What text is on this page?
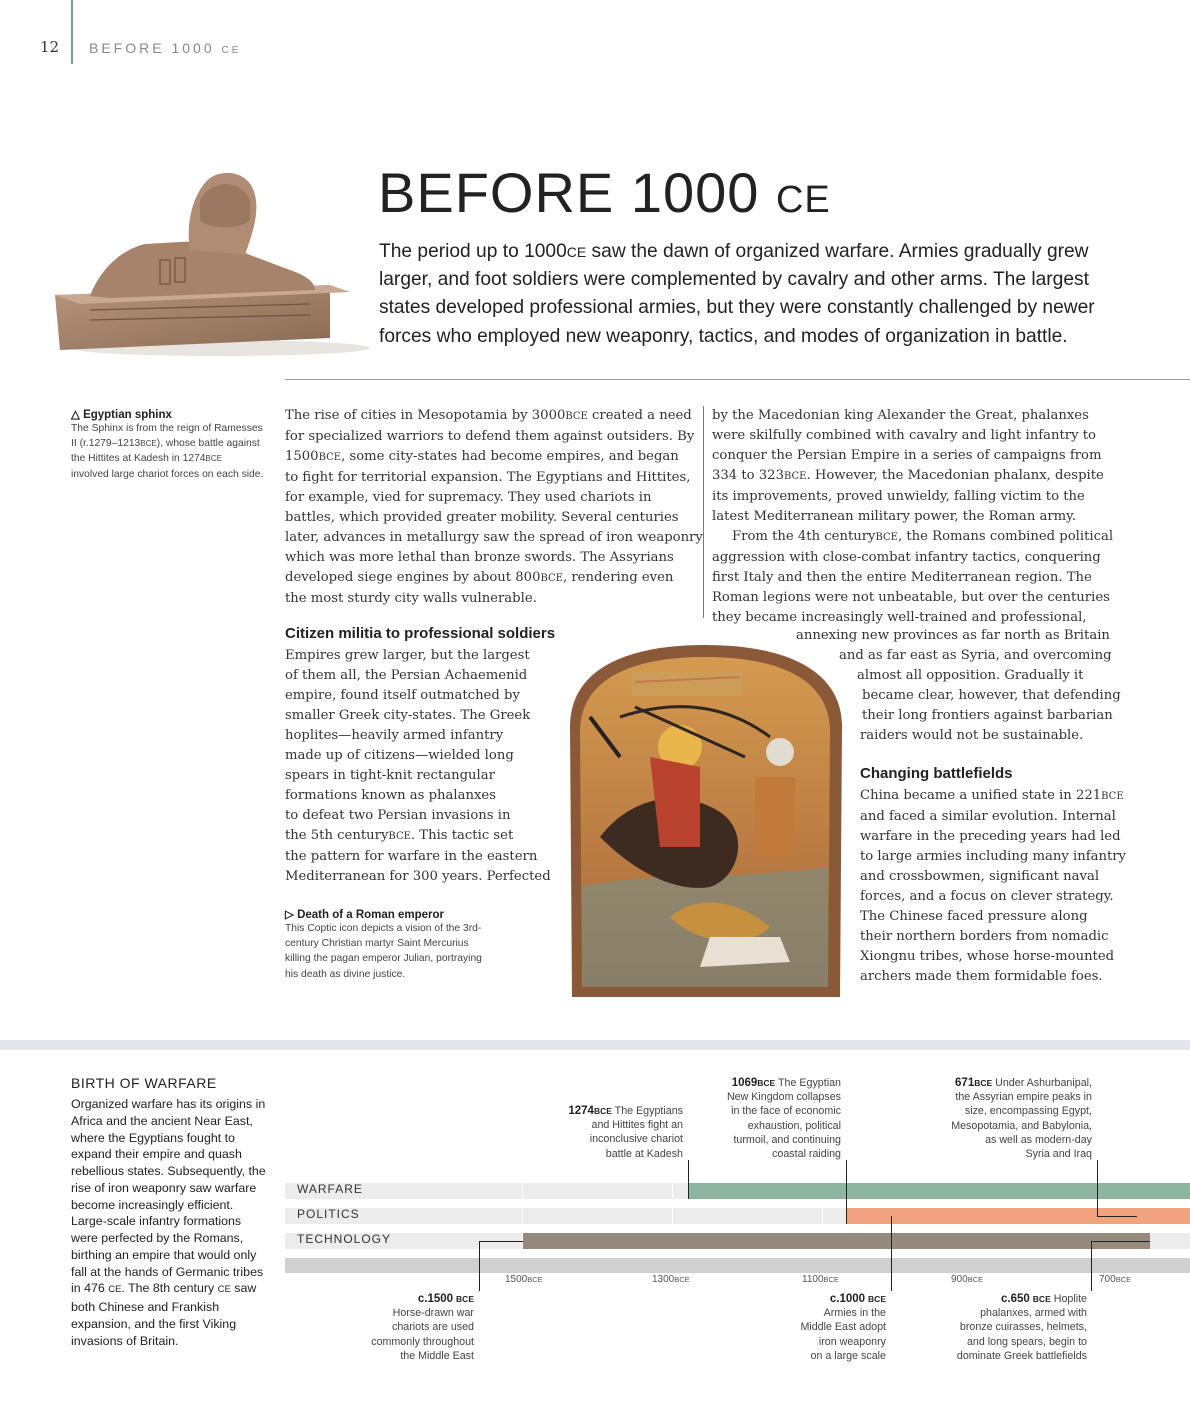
12 BEFORE 1000 CE
BEFORE 1000 CE
The period up to 1000CE saw the dawn of organized warfare. Armies gradually grew larger, and foot soldiers were complemented by cavalry and other arms. The largest states developed professional armies, but they were constantly challenged by newer forces who employed new weaponry, tactics, and modes of organization in battle.
△ Egyptian sphinx
The Sphinx is from the reign of Ramesses
II (r.1279–1213BCE), whose battle against
the Hittites at Kadesh in 1274BCE
involved large chariot forces on each side.
The rise of cities in Mesopotamia by 3000BCE created a need
for specialized warriors to defend them against outsiders. By
1500BCE, some city-states had become empires, and began
to fight for territorial expansion. The Egyptians and Hittites,
for example, vied for supremacy. They used chariots in
battles, which provided greater mobility. Several centuries
later, advances in metallurgy saw the spread of iron weaponry
which was more lethal than bronze swords. The Assyrians
developed siege engines by about 800BCE, rendering even
the most sturdy city walls vulnerable.
Citizen militia to professional soldiers
Empires grew larger, but the largest
of them all, the Persian Achaemenid
empire, found itself outmatched by
smaller Greek city-states. The Greek
hoplites—heavily armed infantry
made up of citizens—wielded long
spears in tight-knit rectangular
formations known as phalanxes
to defeat two Persian invasions in
the 5th centuryBCE. This tactic set
the pattern for warfare in the eastern
Mediterranean for 300 years. Perfected
▷ Death of a Roman emperor
This Coptic icon depicts a vision of the 3rd-
century Christian martyr Saint Mercurius
killing the pagan emperor Julian, portraying
his death as divine justice.
by the Macedonian king Alexander the Great, phalanxes
were skilfully combined with cavalry and light infantry to
conquer the Persian Empire in a series of campaigns from
334 to 323BCE. However, the Macedonian phalanx, despite
its improvements, proved unwieldy, falling victim to the
latest Mediterranean military power, the Roman army.
From the 4th centuryBCE, the Romans combined political
aggression with close-combat infantry tactics, conquering
first Italy and then the entire Mediterranean region. The
Roman legions were not unbeatable, but over the centuries
they became increasingly well-trained and professional,
annexing new provinces as far north as Britain
and as far east as Syria, and overcoming
almost all opposition. Gradually it
became clear, however, that defending
their long frontiers against barbarian
raiders would not be sustainable.
Changing battlefields
China became a unified state in 221BCE
and faced a similar evolution. Internal
warfare in the preceding years had led
to large armies including many infantry
and crossbowmen, significant naval
forces, and a focus on clever strategy.
The Chinese faced pressure along
their northern borders from nomadic
Xiongnu tribes, whose horse-mounted
archers made them formidable foes.
BIRTH OF WARFARE
Organized warfare has its origins in Africa and the ancient Near East, where the Egyptians fought to expand their empire and quash rebellious states. Subsequently, the rise of iron weaponry saw warfare become increasingly efficient. Large-scale infantry formations were perfected by the Romans, birthing an empire that would only fall at the hands of Germanic tribes in 476 CE. The 8th century CE saw both Chinese and Frankish expansion, and the first Viking invasions of Britain.
WARFARE
POLITICS
TECHNOLOGY
1500BCE	1300BCE	1100BCE	900BCE	700BCE
1274BCE The Egyptians
and Hittites fight an
inconclusive chariot
battle at Kadesh
1069BCE The Egyptian
New Kingdom collapses
in the face of economic
exhaustion, political
turmoil, and continuing
coastal raiding
671BCE Under Ashurbanipal,
the Assyrian empire peaks in
size, encompassing Egypt,
Mesopotamia, and Babylonia,
as well as modern-day
Syria and Iraq
c.1500 BCE
Horse-drawn war
chariots are used
commonly throughout
the Middle East
c.1000 BCE
Armies in the
Middle East adopt
iron weaponry
on a large scale
c.650 BCE Hoplite
phalanxes, armed with
bronze cuirasses, helmets,
and long spears, begin to
dominate Greek battlefields
